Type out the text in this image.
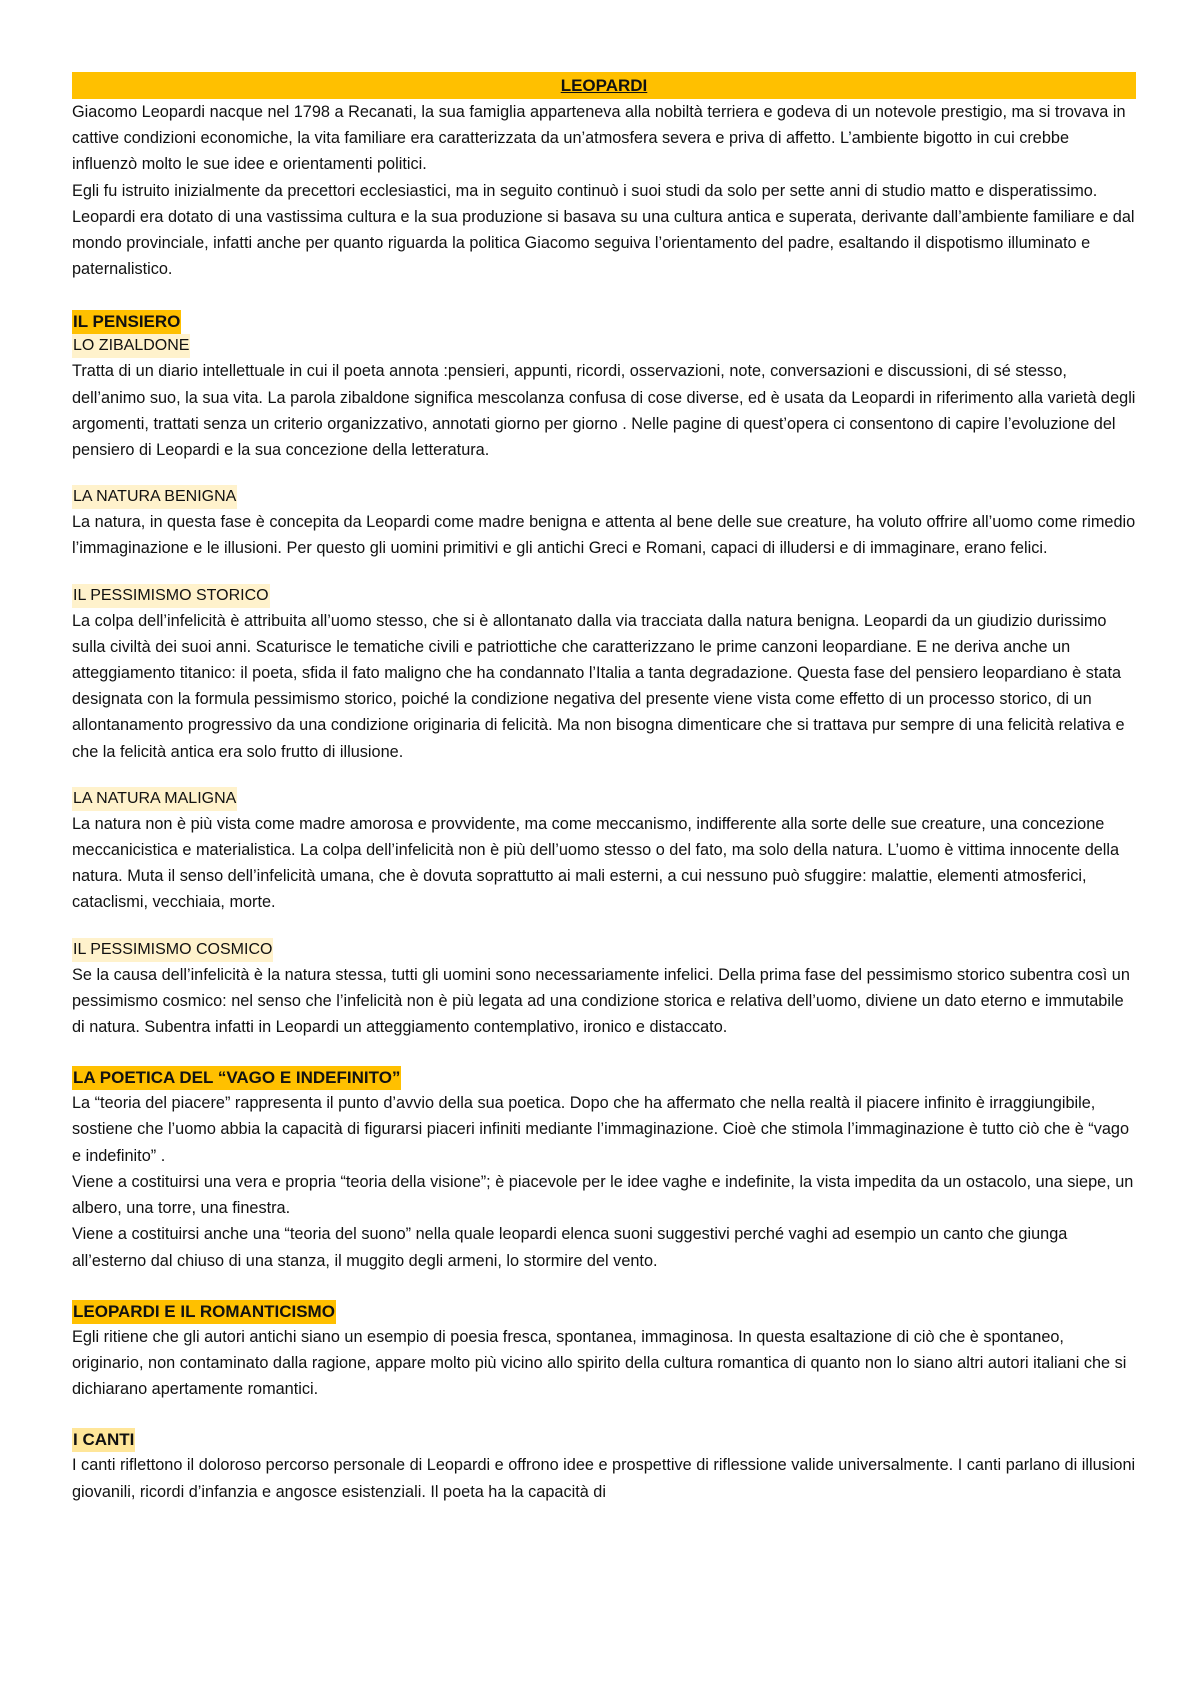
LEOPARDI

Giacomo Leopardi nacque nel 1798 a Recanati, la sua famiglia apparteneva alla nobiltà terriera e godeva di un notevole prestigio, ma si trovava in cattive condizioni economiche, la vita familiare era caratterizzata da un’atmosfera severa e priva di affetto. L’ambiente bigotto in cui crebbe influenzò molto le sue idee e orientamenti politici.

Egli fu istruito inizialmente da precettori ecclesiastici, ma in seguito continuò i suoi studi da solo per sette anni di studio matto e disperatissimo. Leopardi era dotato di una vastissima cultura e la sua produzione si basava su una cultura antica e superata, derivante dall’ambiente familiare e dal mondo provinciale, infatti anche per quanto riguarda la politica Giacomo seguiva l’orientamento del padre, esaltando il dispotismo illuminato e paternalistico.

IL PENSIERO
LO ZIBALDONE

Tratta di un diario intellettuale in cui il poeta annota :pensieri, appunti, ricordi, osservazioni, note, conversazioni e discussioni, di sé stesso, dell’animo suo, la sua vita. La parola zibaldone significa mescolanza confusa di cose diverse, ed è usata da Leopardi in riferimento alla varietà degli argomenti, trattati senza un criterio organizzativo, annotati giorno per giorno . Nelle pagine di quest’opera ci consentono di capire l’evoluzione del pensiero di Leopardi e la sua concezione della letteratura.

LA NATURA BENIGNA

La natura, in questa fase è concepita da Leopardi come madre benigna e attenta al bene delle sue creature, ha voluto offrire all’uomo come rimedio l’immaginazione e le illusioni. Per questo gli uomini primitivi e gli antichi Greci e Romani, capaci di illudersi e di immaginare, erano felici.

IL PESSIMISMO STORICO

La colpa dell’infelicità è attribuita all’uomo stesso, che si è allontanato dalla via tracciata dalla natura benigna. Leopardi da un giudizio durissimo sulla civiltà dei suoi anni. Scaturisce le tematiche civili e patriottiche che caratterizzano le prime canzoni leopardiane. E ne deriva anche un atteggiamento titanico: il poeta, sfida il fato maligno che ha condannato l’Italia a tanta degradazione. Questa fase del pensiero leopardiano è stata designata con la formula pessimismo storico, poiché la condizione negativa del presente viene vista come effetto di un processo storico, di un allontanamento progressivo da una condizione originaria di felicità. Ma non bisogna dimenticare che si trattava pur sempre di una felicità relativa e che la felicità antica era solo frutto di illusione.

LA NATURA MALIGNA

La natura non è più vista come madre amorosa e provvidente, ma come meccanismo, indifferente alla sorte delle sue creature, una concezione meccanicistica e materialistica. La colpa dell’infelicità non è più dell’uomo stesso o del fato, ma solo della natura. L’uomo è vittima innocente della natura. Muta il senso dell’infelicità umana, che è dovuta soprattutto ai mali esterni, a cui nessuno può sfuggire: malattie, elementi atmosferici, cataclismi, vecchiaia, morte.

IL PESSIMISMO COSMICO

Se la causa dell’infelicità è la natura stessa, tutti gli uomini sono necessariamente infelici. Della prima fase del pessimismo storico subentra così un pessimismo cosmico: nel senso che l’infelicità non è più legata ad una condizione storica e relativa dell’uomo, diviene un dato eterno e immutabile di natura. Subentra infatti in Leopardi un atteggiamento contemplativo, ironico e distaccato.

LA POETICA DEL “VAGO E INDEFINITO”

La “teoria del piacere” rappresenta il punto d’avvio della sua poetica. Dopo che ha affermato che nella realtà il piacere infinito è irraggiungibile, sostiene che l’uomo abbia la capacità di figurarsi piaceri infiniti mediante l’immaginazione. Cioè che stimola l’immaginazione è tutto ciò che è “vago e indefinito” .

Viene a costituirsi una vera e propria “teoria della visione”; è piacevole per le idee vaghe e indefinite, la vista impedita da un ostacolo, una siepe, un albero, una torre, una finestra.

Viene a costituirsi anche una “teoria del suono” nella quale leopardi elenca suoni suggestivi perché vaghi ad esempio un canto che giunga all’esterno dal chiuso di una stanza, il muggito degli armeni, lo stormire del vento.

LEOPARDI E IL ROMANTICISMO

Egli ritiene che gli autori antichi siano un esempio di poesia fresca, spontanea, immaginosa. In questa esaltazione di ciò che è spontaneo, originario, non contaminato dalla ragione, appare molto più vicino allo spirito della cultura romantica di quanto non lo siano altri autori italiani che si dichiarano apertamente romantici.

I CANTI

I canti riflettono il doloroso percorso personale di Leopardi e offrono idee e prospettive di riflessione valide universalmente. I canti parlano di illusioni giovanili, ricordi d’infanzia e angosce esistenziali. Il poeta ha la capacità di
